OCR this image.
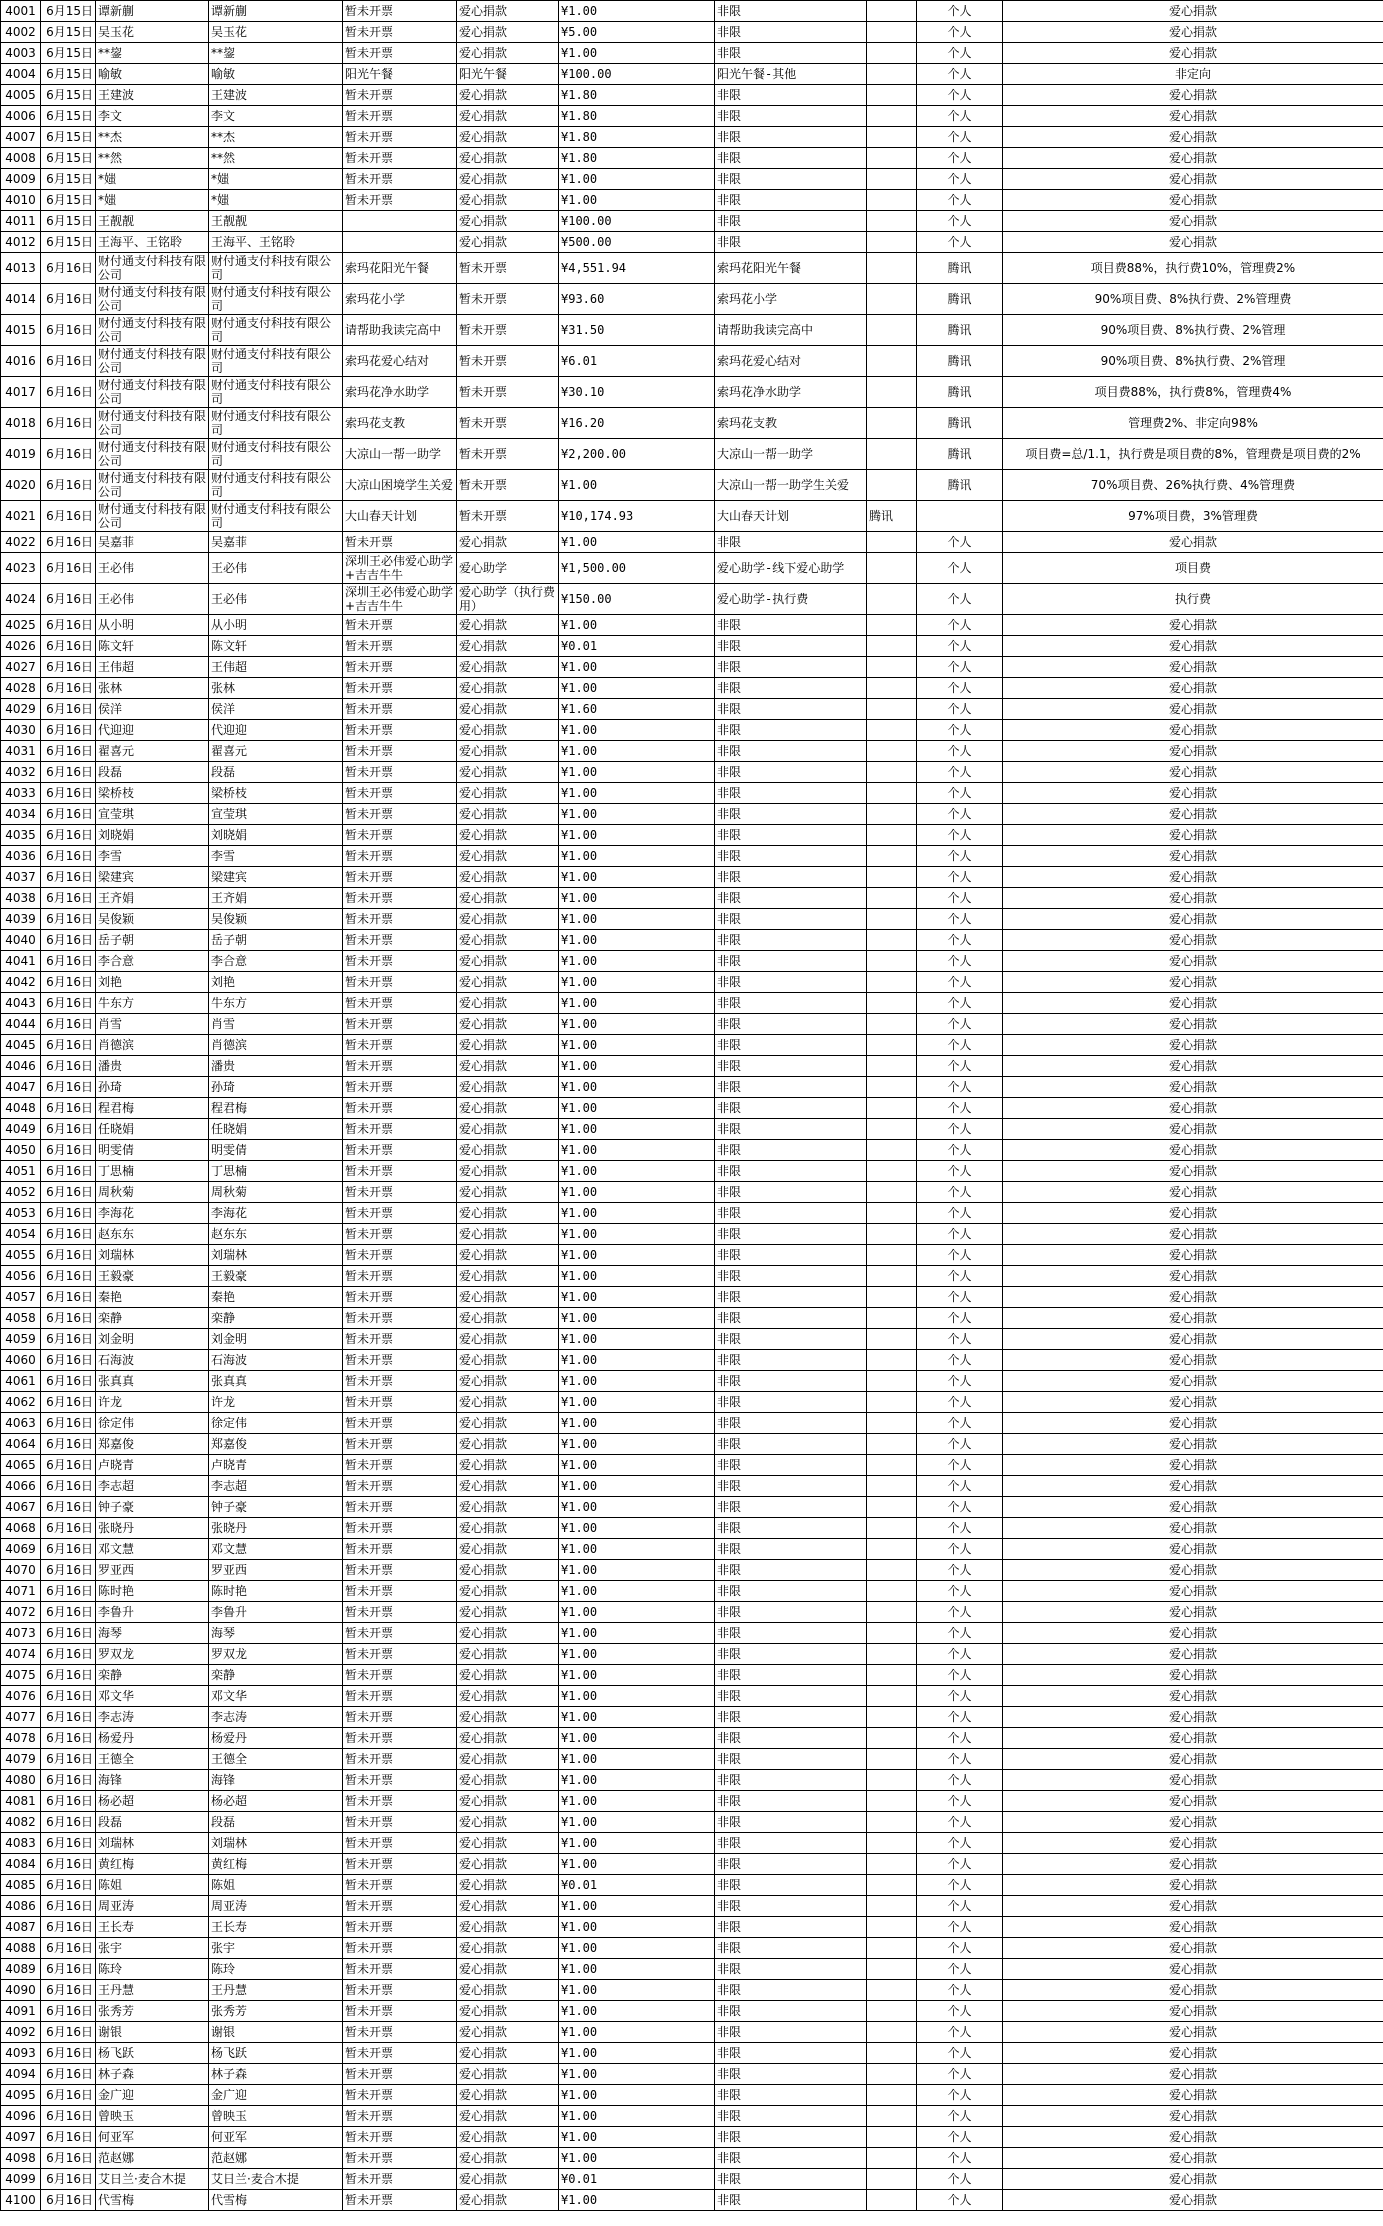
4001	6月15日	谭新蒯	谭新蒯	暂未开票	爱心捐款	¥1.00	非限		个人	爱心捐款
4002	6月15日	吴玉花	吴玉花	暂未开票	爱心捐款	¥5.00	非限		个人	爱心捐款
4003	6月15日	**鋆	**鋆	暂未开票	爱心捐款	¥1.00	非限		个人	爱心捐款
4004	6月15日	喻敏	喻敏	阳光午餐	阳光午餐	¥100.00	阳光午餐-其他		个人	非定向
4005	6月15日	王建波	王建波	暂未开票	爱心捐款	¥1.80	非限		个人	爱心捐款
4006	6月15日	李文	李文	暂未开票	爱心捐款	¥1.80	非限		个人	爱心捐款
4007	6月15日	**杰	**杰	暂未开票	爱心捐款	¥1.80	非限		个人	爱心捐款
4008	6月15日	**然	**然	暂未开票	爱心捐款	¥1.80	非限		个人	爱心捐款
4009	6月15日	*媸	*媸	暂未开票	爱心捐款	¥1.00	非限		个人	爱心捐款
4010	6月15日	*媸	*媸	暂未开票	爱心捐款	¥1.00	非限		个人	爱心捐款
4011	6月15日	王靓靓	王靓靓		爱心捐款	¥100.00	非限		个人	爱心捐款
4012	6月15日	王海平、王铭聆	王海平、王铭聆		爱心捐款	¥500.00	非限		个人	爱心捐款
4013	6月16日	财付通支付科技有限公司	财付通支付科技有限公司	索玛花阳光午餐	暂未开票	¥4,551.94	索玛花阳光午餐		腾讯	项目费88%，执行费10%，管理费2%
4014	6月16日	财付通支付科技有限公司	财付通支付科技有限公司	索玛花小学	暂未开票	¥93.60	索玛花小学		腾讯	90%项目费、8%执行费、2%管理费
4015	6月16日	财付通支付科技有限公司	财付通支付科技有限公司	请帮助我读完高中	暂未开票	¥31.50	请帮助我读完高中		腾讯	90%项目费、8%执行费、2%管理
4016	6月16日	财付通支付科技有限公司	财付通支付科技有限公司	索玛花爱心结对	暂未开票	¥6.01	索玛花爱心结对		腾讯	90%项目费、8%执行费、2%管理
4017	6月16日	财付通支付科技有限公司	财付通支付科技有限公司	索玛花净水助学	暂未开票	¥30.10	索玛花净水助学		腾讯	项目费88%，执行费8%，管理费4%
4018	6月16日	财付通支付科技有限公司	财付通支付科技有限公司	索玛花支教	暂未开票	¥16.20	索玛花支教		腾讯	管理费2%、非定向98%
4019	6月16日	财付通支付科技有限公司	财付通支付科技有限公司	大凉山一帮一助学	暂未开票	¥2,200.00	大凉山一帮一助学		腾讯	项目费=总/1.1，执行费是项目费的8%，管理费是项目费的2%
4020	6月16日	财付通支付科技有限公司	财付通支付科技有限公司	大凉山困境学生关爱	暂未开票	¥1.00	大凉山一帮一助学生关爱		腾讯	70%项目费、26%执行费、4%管理费
4021	6月16日	财付通支付科技有限公司	财付通支付科技有限公司	大山春天计划	暂未开票	¥10,174.93	大山春天计划	腾讯		97%项目费，3%管理费
4022	6月16日	吴嘉菲	吴嘉菲	暂未开票	爱心捐款	¥1.00	非限		个人	爱心捐款
4023	6月16日	王必伟	王必伟	深圳王必伟爱心助学+吉吉牛牛	爱心助学	¥1,500.00	爱心助学-线下爱心助学		个人	项目费
4024	6月16日	王必伟	王必伟	深圳王必伟爱心助学+吉吉牛牛	爱心助学（执行费用）	¥150.00	爱心助学-执行费		个人	执行费
4025	6月16日	从小明	从小明	暂未开票	爱心捐款	¥1.00	非限		个人	爱心捐款
4026	6月16日	陈文轩	陈文轩	暂未开票	爱心捐款	¥0.01	非限		个人	爱心捐款
4027	6月16日	王伟超	王伟超	暂未开票	爱心捐款	¥1.00	非限		个人	爱心捐款
4028	6月16日	张林	张林	暂未开票	爱心捐款	¥1.00	非限		个人	爱心捐款
4029	6月16日	侯洋	侯洋	暂未开票	爱心捐款	¥1.60	非限		个人	爱心捐款
4030	6月16日	代迎迎	代迎迎	暂未开票	爱心捐款	¥1.00	非限		个人	爱心捐款
4031	6月16日	翟喜元	翟喜元	暂未开票	爱心捐款	¥1.00	非限		个人	爱心捐款
4032	6月16日	段磊	段磊	暂未开票	爱心捐款	¥1.00	非限		个人	爱心捐款
4033	6月16日	梁桥枝	梁桥枝	暂未开票	爱心捐款	¥1.00	非限		个人	爱心捐款
4034	6月16日	宣莹琪	宣莹琪	暂未开票	爱心捐款	¥1.00	非限		个人	爱心捐款
4035	6月16日	刘晓娟	刘晓娟	暂未开票	爱心捐款	¥1.00	非限		个人	爱心捐款
4036	6月16日	李雪	李雪	暂未开票	爱心捐款	¥1.00	非限		个人	爱心捐款
4037	6月16日	梁建宾	梁建宾	暂未开票	爱心捐款	¥1.00	非限		个人	爱心捐款
4038	6月16日	王齐娟	王齐娟	暂未开票	爱心捐款	¥1.00	非限		个人	爱心捐款
4039	6月16日	吴俊颖	吴俊颖	暂未开票	爱心捐款	¥1.00	非限		个人	爱心捐款
4040	6月16日	岳子朝	岳子朝	暂未开票	爱心捐款	¥1.00	非限		个人	爱心捐款
4041	6月16日	李合意	李合意	暂未开票	爱心捐款	¥1.00	非限		个人	爱心捐款
4042	6月16日	刘艳	刘艳	暂未开票	爱心捐款	¥1.00	非限		个人	爱心捐款
4043	6月16日	牛东方	牛东方	暂未开票	爱心捐款	¥1.00	非限		个人	爱心捐款
4044	6月16日	肖雪	肖雪	暂未开票	爱心捐款	¥1.00	非限		个人	爱心捐款
4045	6月16日	肖德滨	肖德滨	暂未开票	爱心捐款	¥1.00	非限		个人	爱心捐款
4046	6月16日	潘贵	潘贵	暂未开票	爱心捐款	¥1.00	非限		个人	爱心捐款
4047	6月16日	孙琦	孙琦	暂未开票	爱心捐款	¥1.00	非限		个人	爱心捐款
4048	6月16日	程君梅	程君梅	暂未开票	爱心捐款	¥1.00	非限		个人	爱心捐款
4049	6月16日	任晓娟	任晓娟	暂未开票	爱心捐款	¥1.00	非限		个人	爱心捐款
4050	6月16日	明雯倩	明雯倩	暂未开票	爱心捐款	¥1.00	非限		个人	爱心捐款
4051	6月16日	丁思楠	丁思楠	暂未开票	爱心捐款	¥1.00	非限		个人	爱心捐款
4052	6月16日	周秋菊	周秋菊	暂未开票	爱心捐款	¥1.00	非限		个人	爱心捐款
4053	6月16日	李海花	李海花	暂未开票	爱心捐款	¥1.00	非限		个人	爱心捐款
4054	6月16日	赵东东	赵东东	暂未开票	爱心捐款	¥1.00	非限		个人	爱心捐款
4055	6月16日	刘瑞林	刘瑞林	暂未开票	爱心捐款	¥1.00	非限		个人	爱心捐款
4056	6月16日	王毅豪	王毅豪	暂未开票	爱心捐款	¥1.00	非限		个人	爱心捐款
4057	6月16日	秦艳	秦艳	暂未开票	爱心捐款	¥1.00	非限		个人	爱心捐款
4058	6月16日	栾静	栾静	暂未开票	爱心捐款	¥1.00	非限		个人	爱心捐款
4059	6月16日	刘金明	刘金明	暂未开票	爱心捐款	¥1.00	非限		个人	爱心捐款
4060	6月16日	石海波	石海波	暂未开票	爱心捐款	¥1.00	非限		个人	爱心捐款
4061	6月16日	张真真	张真真	暂未开票	爱心捐款	¥1.00	非限		个人	爱心捐款
4062	6月16日	许龙	许龙	暂未开票	爱心捐款	¥1.00	非限		个人	爱心捐款
4063	6月16日	徐定伟	徐定伟	暂未开票	爱心捐款	¥1.00	非限		个人	爱心捐款
4064	6月16日	郑嘉俊	郑嘉俊	暂未开票	爱心捐款	¥1.00	非限		个人	爱心捐款
4065	6月16日	卢晓青	卢晓青	暂未开票	爱心捐款	¥1.00	非限		个人	爱心捐款
4066	6月16日	李志超	李志超	暂未开票	爱心捐款	¥1.00	非限		个人	爱心捐款
4067	6月16日	钟子豪	钟子豪	暂未开票	爱心捐款	¥1.00	非限		个人	爱心捐款
4068	6月16日	张晓丹	张晓丹	暂未开票	爱心捐款	¥1.00	非限		个人	爱心捐款
4069	6月16日	邓文慧	邓文慧	暂未开票	爱心捐款	¥1.00	非限		个人	爱心捐款
4070	6月16日	罗亚西	罗亚西	暂未开票	爱心捐款	¥1.00	非限		个人	爱心捐款
4071	6月16日	陈时艳	陈时艳	暂未开票	爱心捐款	¥1.00	非限		个人	爱心捐款
4072	6月16日	李鲁升	李鲁升	暂未开票	爱心捐款	¥1.00	非限		个人	爱心捐款
4073	6月16日	海琴	海琴	暂未开票	爱心捐款	¥1.00	非限		个人	爱心捐款
4074	6月16日	罗双龙	罗双龙	暂未开票	爱心捐款	¥1.00	非限		个人	爱心捐款
4075	6月16日	栾静	栾静	暂未开票	爱心捐款	¥1.00	非限		个人	爱心捐款
4076	6月16日	邓文华	邓文华	暂未开票	爱心捐款	¥1.00	非限		个人	爱心捐款
4077	6月16日	李志涛	李志涛	暂未开票	爱心捐款	¥1.00	非限		个人	爱心捐款
4078	6月16日	杨爱丹	杨爱丹	暂未开票	爱心捐款	¥1.00	非限		个人	爱心捐款
4079	6月16日	王德全	王德全	暂未开票	爱心捐款	¥1.00	非限		个人	爱心捐款
4080	6月16日	海锋	海锋	暂未开票	爱心捐款	¥1.00	非限		个人	爱心捐款
4081	6月16日	杨必超	杨必超	暂未开票	爱心捐款	¥1.00	非限		个人	爱心捐款
4082	6月16日	段磊	段磊	暂未开票	爱心捐款	¥1.00	非限		个人	爱心捐款
4083	6月16日	刘瑞林	刘瑞林	暂未开票	爱心捐款	¥1.00	非限		个人	爱心捐款
4084	6月16日	黄红梅	黄红梅	暂未开票	爱心捐款	¥1.00	非限		个人	爱心捐款
4085	6月16日	陈姐	陈姐	暂未开票	爱心捐款	¥0.01	非限		个人	爱心捐款
4086	6月16日	周亚涛	周亚涛	暂未开票	爱心捐款	¥1.00	非限		个人	爱心捐款
4087	6月16日	王长寿	王长寿	暂未开票	爱心捐款	¥1.00	非限		个人	爱心捐款
4088	6月16日	张宇	张宇	暂未开票	爱心捐款	¥1.00	非限		个人	爱心捐款
4089	6月16日	陈玲	陈玲	暂未开票	爱心捐款	¥1.00	非限		个人	爱心捐款
4090	6月16日	王丹慧	王丹慧	暂未开票	爱心捐款	¥1.00	非限		个人	爱心捐款
4091	6月16日	张秀芳	张秀芳	暂未开票	爱心捐款	¥1.00	非限		个人	爱心捐款
4092	6月16日	谢银	谢银	暂未开票	爱心捐款	¥1.00	非限		个人	爱心捐款
4093	6月16日	杨飞跃	杨飞跃	暂未开票	爱心捐款	¥1.00	非限		个人	爱心捐款
4094	6月16日	林子森	林子森	暂未开票	爱心捐款	¥1.00	非限		个人	爱心捐款
4095	6月16日	金广迎	金广迎	暂未开票	爱心捐款	¥1.00	非限		个人	爱心捐款
4096	6月16日	曾映玉	曾映玉	暂未开票	爱心捐款	¥1.00	非限		个人	爱心捐款
4097	6月16日	何亚军	何亚军	暂未开票	爱心捐款	¥1.00	非限		个人	爱心捐款
4098	6月16日	范赵娜	范赵娜	暂未开票	爱心捐款	¥1.00	非限		个人	爱心捐款
4099	6月16日	艾日兰·麦合木提	艾日兰·麦合木提	暂未开票	爱心捐款	¥0.01	非限		个人	爱心捐款
4100	6月16日	代雪梅	代雪梅	暂未开票	爱心捐款	¥1.00	非限		个人	爱心捐款
